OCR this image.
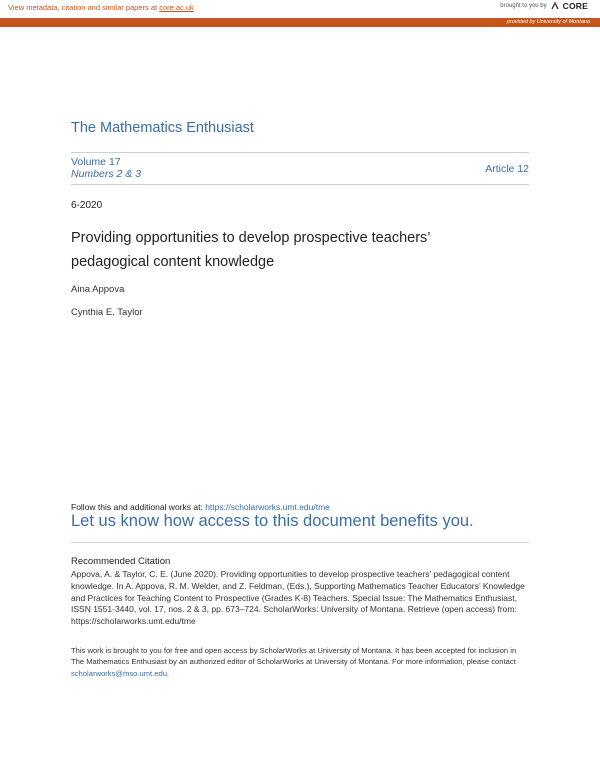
View metadata, citation and similar papers at core.ac.uk	brought to you by CORE
provided by University of Montana
The Mathematics Enthusiast
Volume 17
Numbers 2 & 3	Article 12
6-2020
Providing opportunities to develop prospective teachers’ pedagogical content knowledge
Aina Appova
Cynthia E. Taylor
Follow this and additional works at: https://scholarworks.umt.edu/tme
Let us know how access to this document benefits you.
Recommended Citation
Appova, A. & Taylor, C. E. (June 2020). Providing opportunities to develop prospective teachers’ pedagogical content knowledge. In A. Appova, R. M. Welder, and Z. Feldman, (Eds.), Supporting Mathematics Teacher Educators’ Knowledge and Practices for Teaching Content to Prospective (Grades K-8) Teachers. Special Issue: The Mathematics Enthusiast, ISSN 1551-3440, vol. 17, nos. 2 & 3, pp. 673–724. ScholarWorks: University of Montana. Retrieve (open access) from: https://scholarworks.umt.edu/tme
This work is brought to you for free and open access by ScholarWorks at University of Montana. It has been accepted for inclusion in The Mathematics Enthusiast by an authorized editor of ScholarWorks at University of Montana. For more information, please contact scholarworks@mso.umt.edu.
